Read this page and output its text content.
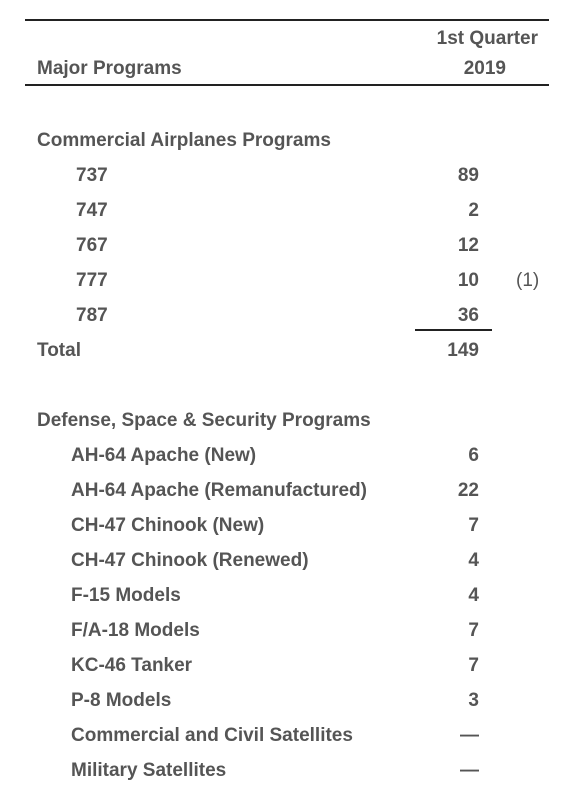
1st Quarter
Major Programs	2019
Commercial Airplanes Programs
737	89
747	2
767	12
777	10 (1)
787	36
Total	149
Defense, Space & Security Programs
AH-64 Apache (New)	6
AH-64 Apache (Remanufactured)	22
CH-47 Chinook (New)	7
CH-47 Chinook (Renewed)	4
F-15 Models	4
F/A-18 Models	7
KC-46 Tanker	7
P-8 Models	3
Commercial and Civil Satellites	—
Military Satellites	—
